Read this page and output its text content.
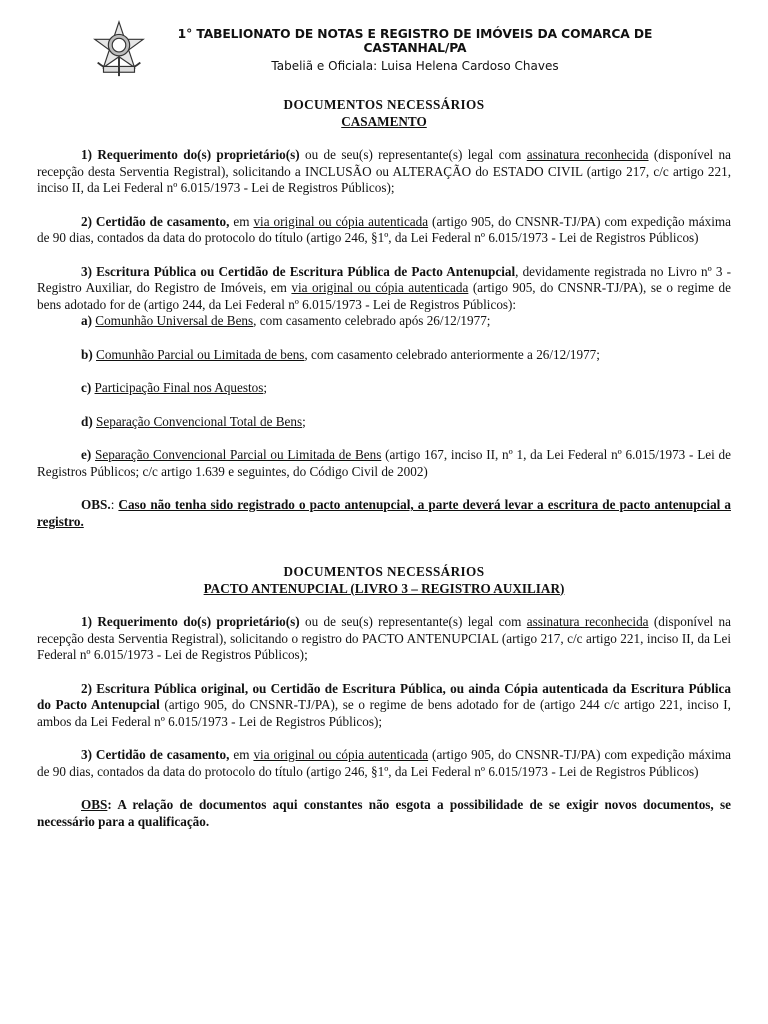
1° TABELIONATO DE NOTAS E REGISTRO DE IMÓVEIS DA COMARCA DE CASTANHAL/PA
Tabeliã e Oficiala: Luisa Helena Cardoso Chaves
DOCUMENTOS NECESSÁRIOS
CASAMENTO

1) Requerimento do(s) proprietário(s) ou de seu(s) representante(s) legal com assinatura reconhecida (disponível na recepção desta Serventia Registral), solicitando a INCLUSÃO ou ALTERAÇÃO do ESTADO CIVIL (artigo 217, c/c artigo 221, inciso II, da Lei Federal nº 6.015/1973 - Lei de Registros Públicos);

2) Certidão de casamento, em via original ou cópia autenticada (artigo 905, do CNSNR-TJ/PA) com expedição máxima de 90 dias, contados da data do protocolo do título (artigo 246, §1º, da Lei Federal nº 6.015/1973 - Lei de Registros Públicos)

3) Escritura Pública ou Certidão de Escritura Pública de Pacto Antenupcial, devidamente registrada no Livro nº 3 - Registro Auxiliar, do Registro de Imóveis, em via original ou cópia autenticada (artigo 905, do CNSNR-TJ/PA), se o regime de bens adotado for de (artigo 244, da Lei Federal nº 6.015/1973 - Lei de Registros Públicos):

a) Comunhão Universal de Bens, com casamento celebrado após 26/12/1977;

b) Comunhão Parcial ou Limitada de bens, com casamento celebrado anteriormente a 26/12/1977;

c) Participação Final nos Aquestos;

d) Separação Convencional Total de Bens;

e) Separação Convencional Parcial ou Limitada de Bens (artigo 167, inciso II, nº 1, da Lei Federal nº 6.015/1973 - Lei de Registros Públicos; c/c artigo 1.639 e seguintes, do Código Civil de 2002)

OBS.: Caso não tenha sido registrado o pacto antenupcial, a parte deverá levar a escritura de pacto antenupcial a registro.

DOCUMENTOS NECESSÁRIOS
PACTO ANTENUPCIAL (LIVRO 3 – REGISTRO AUXILIAR)

1) Requerimento do(s) proprietário(s) ou de seu(s) representante(s) legal com assinatura reconhecida (disponível na recepção desta Serventia Registral), solicitando o registro do PACTO ANTENUPCIAL (artigo 217, c/c artigo 221, inciso II, da Lei Federal nº 6.015/1973 - Lei de Registros Públicos);

2) Escritura Pública original, ou Certidão de Escritura Pública, ou ainda Cópia autenticada da Escritura Pública do Pacto Antenupcial (artigo 905, do CNSNR-TJ/PA), se o regime de bens adotado for de (artigo 244 c/c artigo 221, inciso I, ambos da Lei Federal nº 6.015/1973 - Lei de Registros Públicos);

3) Certidão de casamento, em via original ou cópia autenticada (artigo 905, do CNSNR-TJ/PA) com expedição máxima de 90 dias, contados da data do protocolo do título (artigo 246, §1º, da Lei Federal nº 6.015/1973 - Lei de Registros Públicos)

OBS: A relação de documentos aqui constantes não esgota a possibilidade de se exigir novos documentos, se necessário para a qualificação.
